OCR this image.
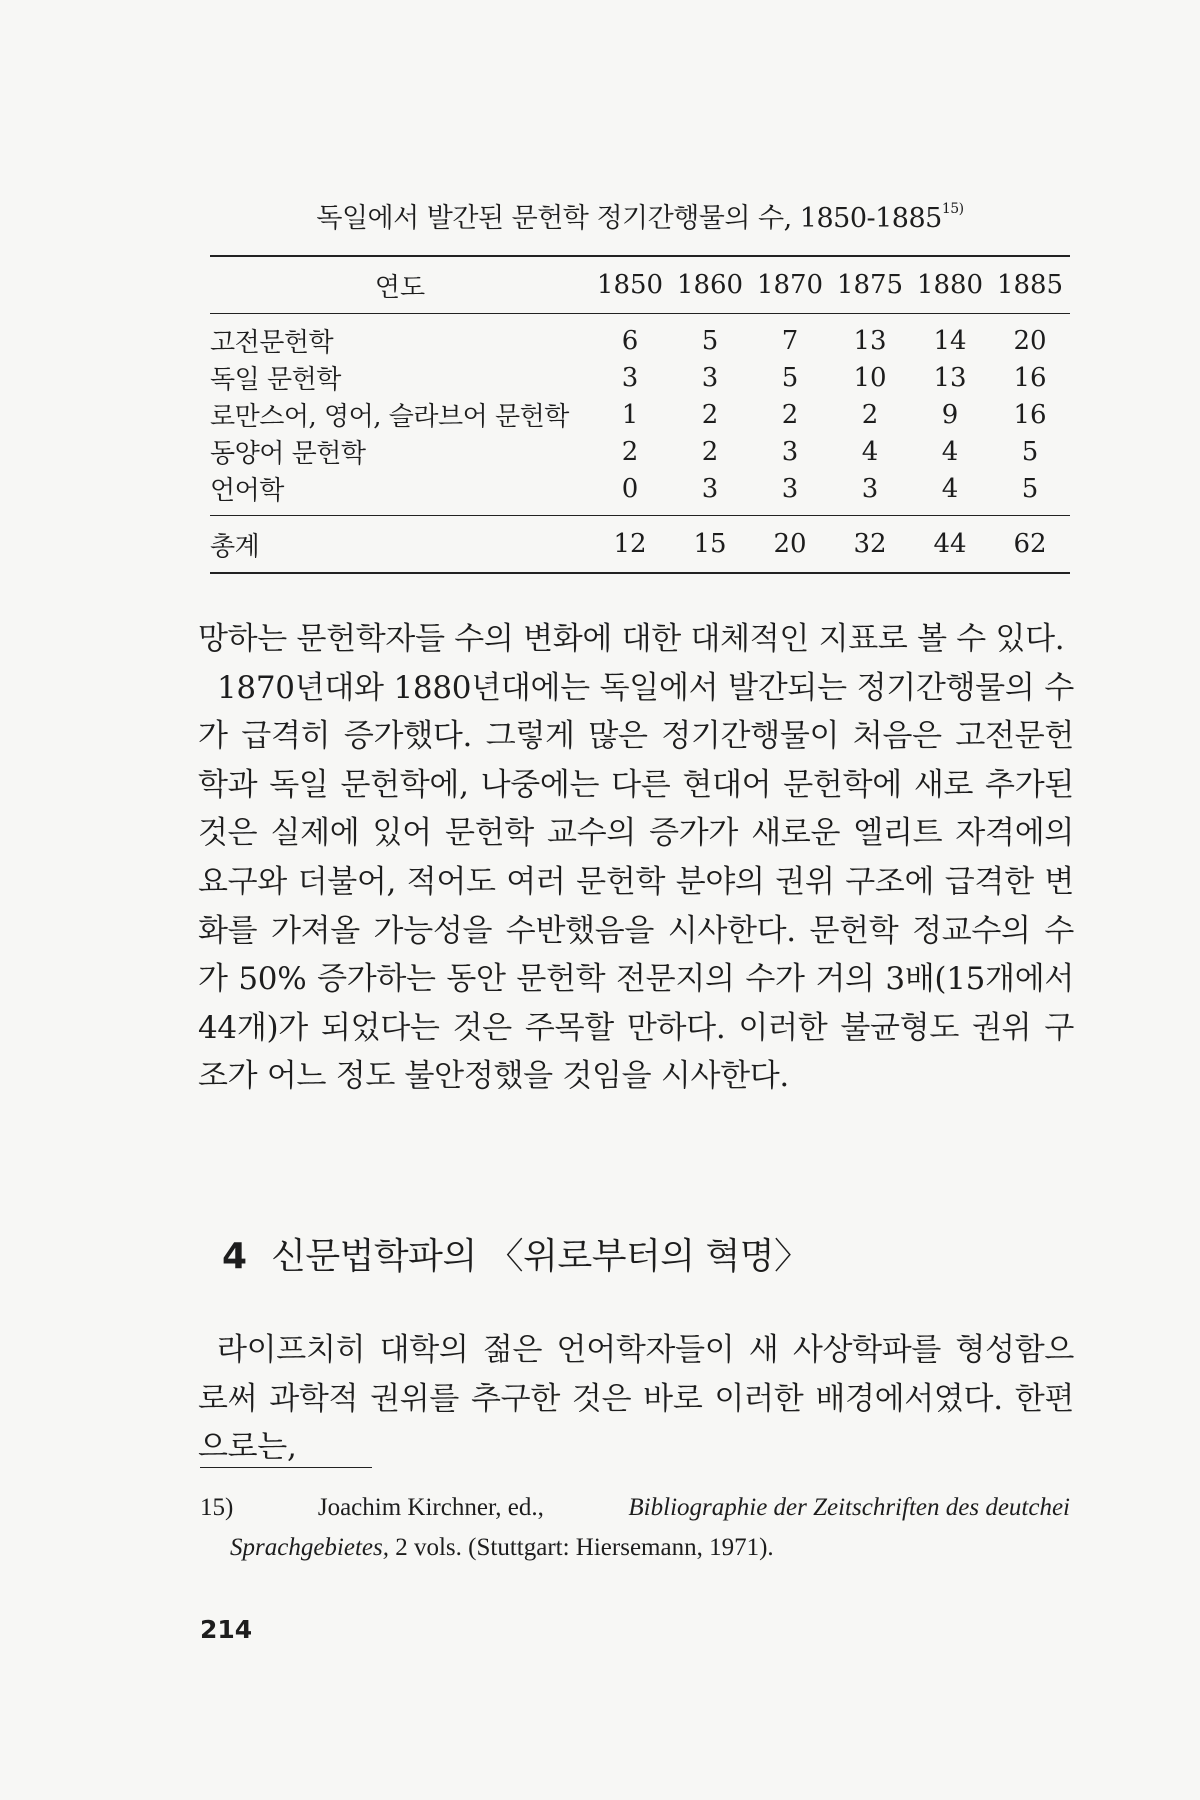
독일에서 발간된 문헌학 정기간행물의 수, 1850-1885$^{15)}$
연도	1850	1860	1870	1875	1880	1885
고전문헌학	6	5	7	13	14	20
독일 문헌학	3	3	5	10	13	16
로만스어, 영어, 슬라브어 문헌학	1	2	2	2	9	16
동양어 문헌학	2	2	3	4	4	5
언어학	0	3	3	3	4	5
총계	12	15	20	32	44	62

망하는 문헌학자들 수의 변화에 대한 대체적인 지표로 볼 수 있다.

1870년대와 1880년대에는 독일에서 발간되는 정기간행물의 수가 급격히 증가했다. 그렇게 많은 정기간행물이 처음은 고전문헌학과 독일 문헌학에, 나중에는 다른 현대어 문헌학에 새로 추가된 것은 실제에 있어 문헌학 교수의 증가가 새로운 엘리트 자격에의 요구와 더불어, 적어도 여러 문헌학 분야의 권위 구조에 급격한 변화를 가져올 가능성을 수반했음을 시사한다. 문헌학 정교수의 수가 50% 증가하는 동안 문헌학 전문지의 수가 거의 3배(15개에서 44개)가 되었다는 것은 주목할 만하다. 이러한 불균형도 권위 구조가 어느 정도 불안정했을 것임을 시사한다.

4 신문법학파의 〈위로부터의 혁명〉

라이프치히 대학의 젊은 언어학자들이 새 사상학파를 형성함으로써 과학적 권위를 추구한 것은 바로 이러한 배경에서였다. 한편으로는,

15)	Joachim Kirchner, ed.,	Bibliographie der Zeitschriften des deutchei
Sprachgebietes, 2 vols. (Stuttgart: Hiersemann, 1971).
214
